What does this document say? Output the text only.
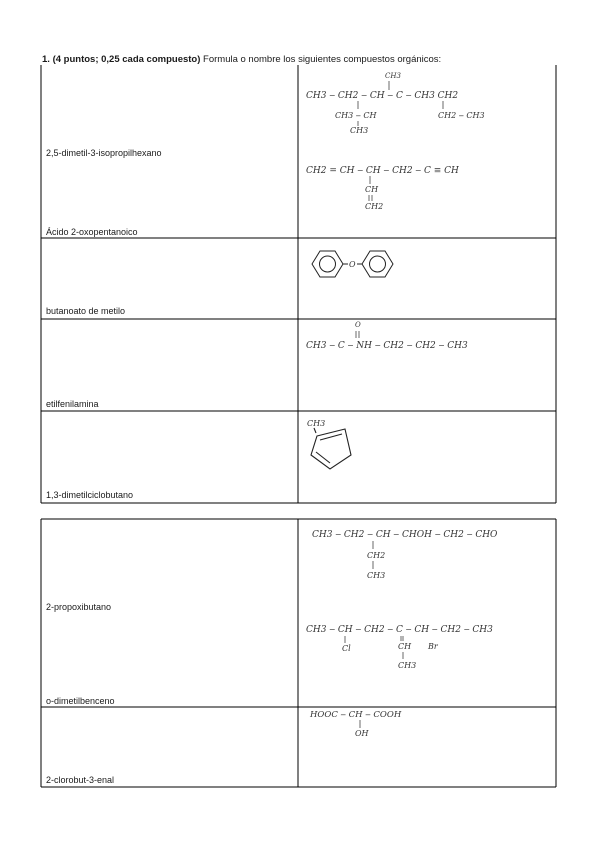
1. (4 puntos; 0,25 cada compuesto) Formula o nombre los siguientes compuestos orgánicos:
2,5-dimetil-3-isopropilhexano
Ácido 2-oxopentanoico
butanoato de metilo
etilfenilamina
1,3-dimetilciclobutano
2-propoxibutano
o-dimetilbenceno
2-clorobut-3-enal
CH3 ‒ CH2 ‒ CH ‒ C ‒ CH3 CH2
CH3
CH3 ‒ CH
CH3
CH2 ‒ CH3
CH2 = CH ‒ CH ‒ CH2 ‒ C ≡ CH
CH
CH2
O
CH3 ‒ C ‒ NH ‒ CH2 ‒ CH2 ‒ CH3
O
CH3
CH3 ‒ CH2 ‒ CH ‒ CHOH ‒ CH2 ‒ CHO
CH2
CH3
CH3 ‒ CH ‒ CH2 ‒ C ‒ CH ‒ CH2 ‒ CH3
Cl	CH
CH3
Br
HOOC ‒ CH ‒ COOH
OH
